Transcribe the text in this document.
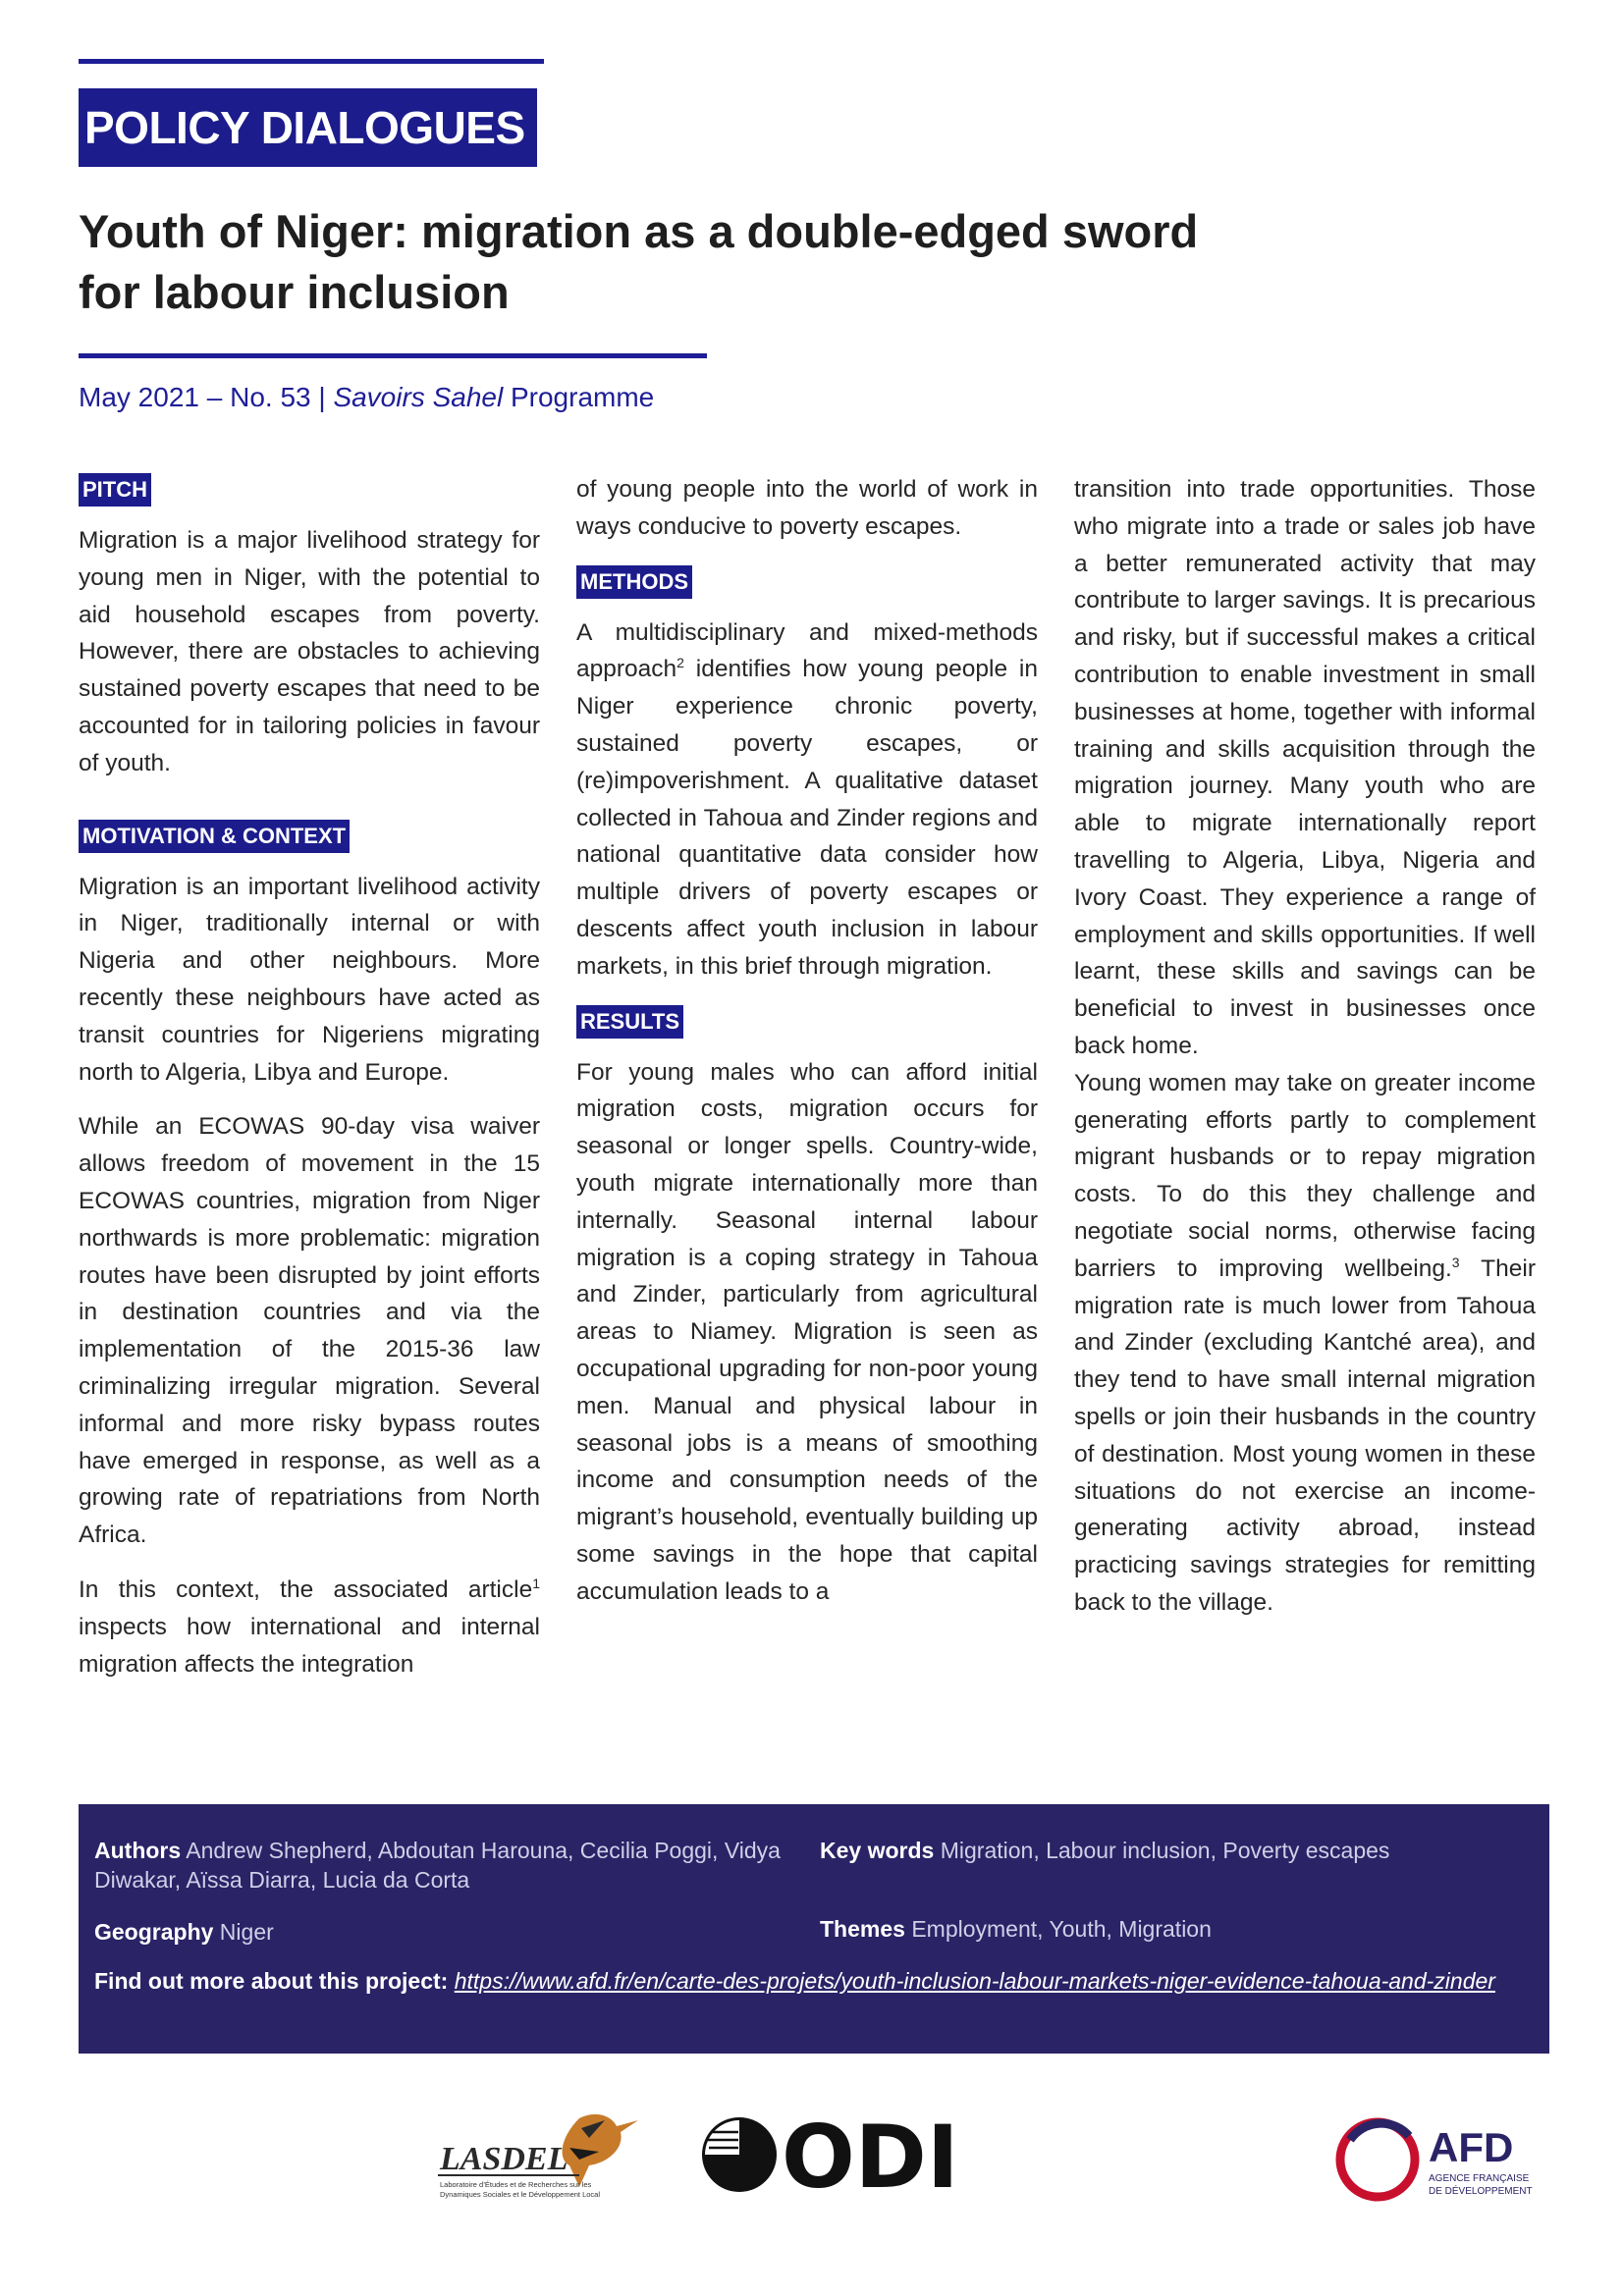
POLICY DIALOGUES
Youth of Niger: migration as a double-edged sword
for labour inclusion
May 2021 – No. 53 | Savoirs Sahel Programme
PITCH

Migration is a major livelihood strategy for young men in Niger, with the potential to aid household escapes from poverty. However, there are obstacles to achieving sustained poverty escapes that need to be accounted for in tailoring policies in favour of youth.

MOTIVATION & CONTEXT

Migration is an important livelihood activity in Niger, traditionally internal or with Nigeria and other neighbours. More recently these neighbours have acted as transit countries for Nigeriens migrating north to Algeria, Libya and Europe.

While an ECOWAS 90-day visa waiver allows freedom of movement in the 15 ECOWAS countries, migration from Niger northwards is more problematic: migration routes have been disrupted by joint efforts in destination countries and via the implementation of the 2015-36 law criminalizing irregular migration. Several informal and more risky bypass routes have emerged in response, as well as a growing rate of repatriations from North Africa.

In this context, the associated article$^1$ inspects how international and internal migration affects the integration

of young people into the world of work in ways conducive to poverty escapes.

METHODS

A multidisciplinary and mixed-methods approach$^2$ identifies how young people in Niger experience chronic poverty, sustained poverty escapes, or (re)impoverishment. A qualitative dataset collected in Tahoua and Zinder regions and national quantitative data consider how multiple drivers of poverty escapes or descents affect youth inclusion in labour markets, in this brief through migration.

RESULTS

For young males who can afford initial migration costs, migration occurs for seasonal or longer spells. Country-wide, youth migrate internationally more than internally. Seasonal internal labour migration is a coping strategy in Tahoua and Zinder, particularly from agricultural areas to Niamey. Migration is seen as occupational upgrading for non-poor young men. Manual and physical labour in seasonal jobs is a means of smoothing income and consumption needs of the migrant’s household, eventually building up some savings in the hope that capital accumulation leads to a

transition into trade opportunities. Those who migrate into a trade or sales job have a better remunerated activity that may contribute to larger savings. It is precarious and risky, but if successful makes a critical contribution to enable investment in small businesses at home, together with informal training and skills acquisition through the migration journey. Many youth who are able to migrate internationally report travelling to Algeria, Libya, Nigeria and Ivory Coast. They experience a range of employment and skills opportunities. If well learnt, these skills and savings can be beneficial to invest in businesses once back home.

Young women may take on greater income generating efforts partly to complement migrant husbands or to repay migration costs. To do this they challenge and negotiate social norms, otherwise facing barriers to improving wellbeing.$^3$ Their migration rate is much lower from Tahoua and Zinder (excluding Kantché area), and they tend to have small internal migration spells or join their husbands in the country of destination. Most young women in these situations do not exercise an income-generating activity abroad, instead practicing savings strategies for remitting back to the village.

Authors Andrew Shepherd, Abdoutan Harouna, Cecilia Poggi, Vidya Diwakar, Aïssa Diarra, Lucia da Corta
Key words Migration, Labour inclusion, Poverty escapes
Geography Niger	Themes Employment, Youth, Migration
Find out more about this project: https://www.afd.fr/en/carte-des-projets/youth-inclusion-labour-markets-niger-evidence-tahoua-and-zinder
LASDEL
Laboratoire d’Études et de Recherches sur les
Dynamiques Sociales et le Développement Local ODI	AFD
AGENCE FRANÇAISE
DE DÉVELOPPEMENT
